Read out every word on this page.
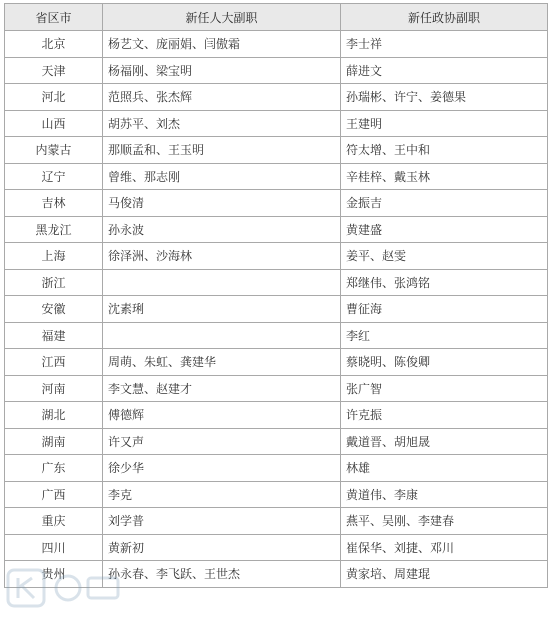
省区市	新任人大副职	新任政协副职
北京	杨艺文、庞丽娟、闫傲霜	李士祥
天津	杨福刚、梁宝明	薛进文
河北	范照兵、张杰辉	孙瑞彬、许宁、姜德果
山西	胡苏平、刘杰	王建明
内蒙古	那顺孟和、王玉明	符太增、王中和
辽宁	曾维、那志刚	辛桂梓、戴玉林
吉林	马俊清	金振吉
黑龙江	孙永波	黄建盛
上海	徐泽洲、沙海林	姜平、赵雯
浙江		郑继伟、张鸿铭
安徽	沈素琍	曹征海
福建		李红
江西	周萌、朱虹、龚建华	蔡晓明、陈俊卿
河南	李文慧、赵建才	张广智
湖北	傅德辉	许克振
湖南	许又声	戴道晋、胡旭晟
广东	徐少华	林雄
广西	李克	黄道伟、李康
重庆	刘学普	燕平、吴刚、李建春
四川	黄新初	崔保华、刘捷、邓川
贵州	孙永春、李飞跃、王世杰	黄家培、周建琨
